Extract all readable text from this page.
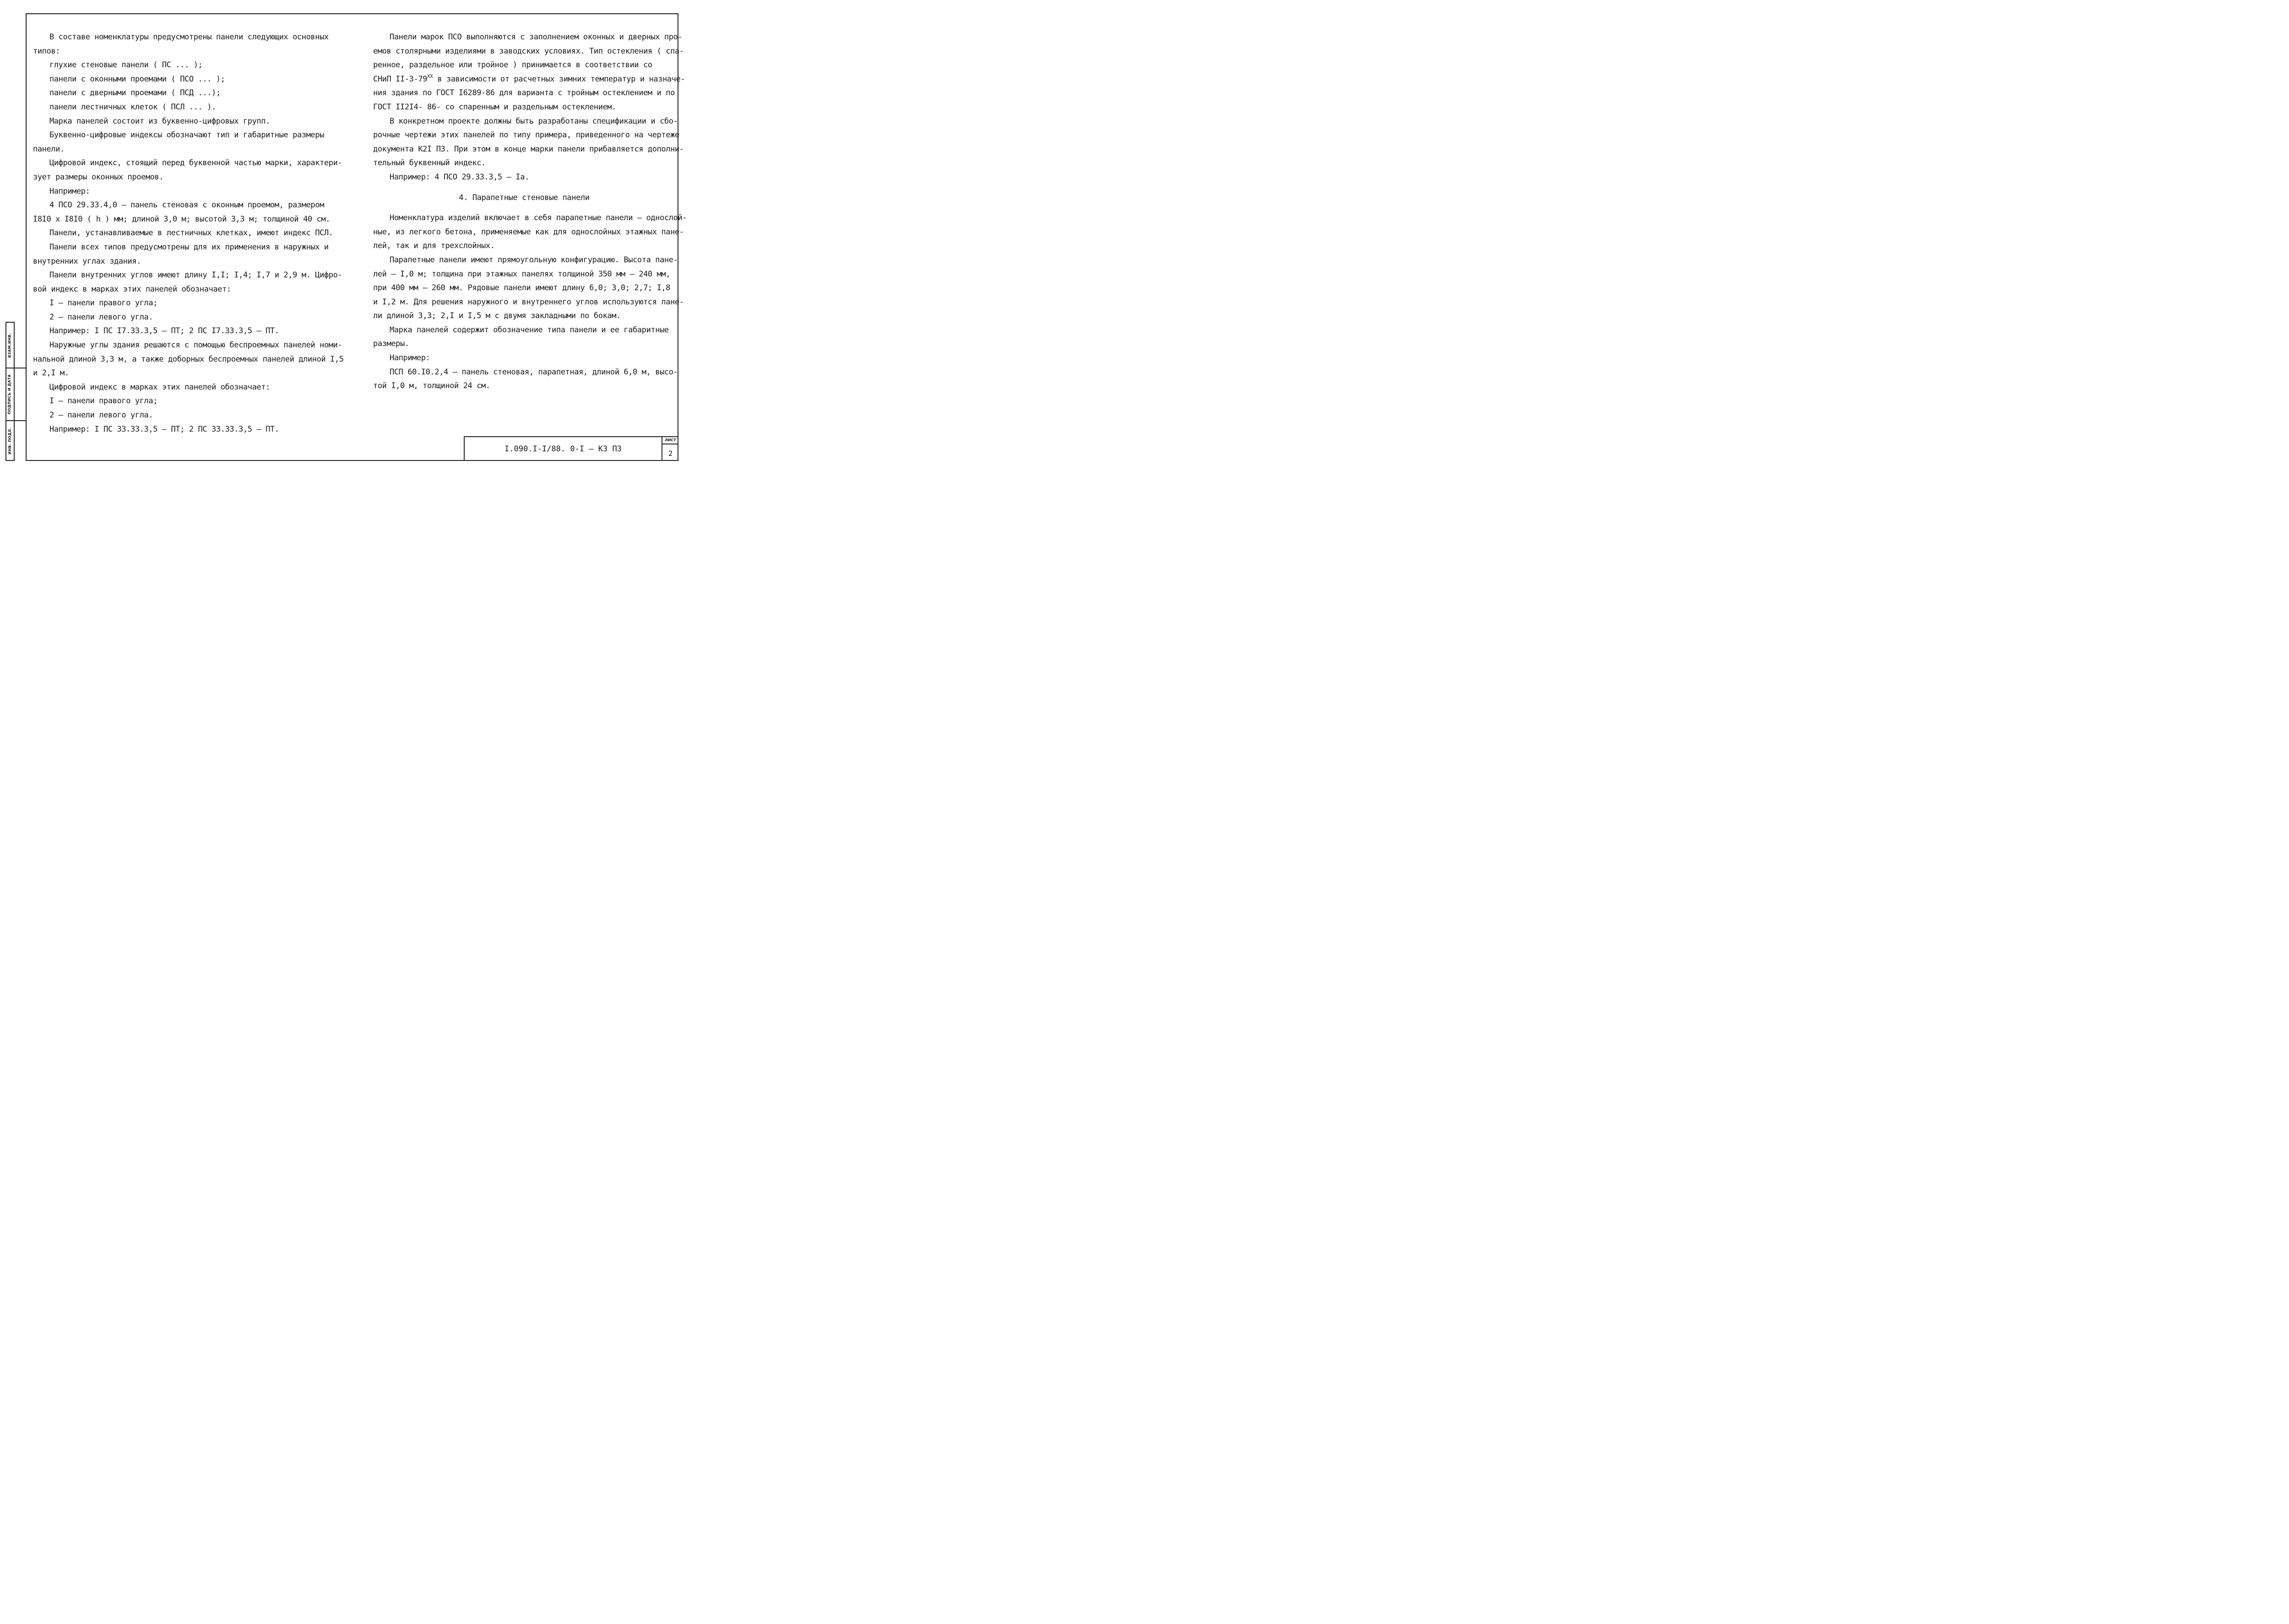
В составе номенклатуры предусмотрены панели следующих основных
типов:
глухие стеновые панели ( ПС ... );
панели с оконными проемами ( ПСО ... );
панели с дверными проемами ( ПСД ...);
панели лестничных клеток ( ПСЛ ... ).
Марка панелей состоит из буквенно-цифровых групп.
Буквенно-цифровые индексы обозначают тип и габаритные размеры
панели.
Цифровой индекс, стоящий перед буквенной частью марки, характери-
зует размеры оконных проемов.
Например:
4 ПСО 29.33.4,0 – панель стеновая с оконным проемом, размером
I8I0 x I8I0 ( h ) мм; длиной 3,0 м; высотой 3,3 м; толщиной 40 см.
Панели, устанавливаемые в лестничных клетках, имеют индекс ПСЛ.
Панели всех типов предусмотрены для их применения в наружных и
внутренних углах здания.
Панели внутренних углов имеют длину I,I; I,4; I,7 и 2,9 м. Цифро-
вой индекс в марках этих панелей обозначает:
I – панели правого угла;
2 – панели левого угла.
Например: I ПС I7.33.3,5 – ПТ; 2 ПС I7.33.3,5 – ПТ.
Наружные углы здания решаются с помощью беспроемных панелей номи-
нальной длиной 3,3 м, а также доборных беспроемных панелей длиной I,5
и 2,I м.
Цифровой индекс в марках этих панелей обозначает:
I – панели правого угла;
2 – панели левого угла.
Например: I ПС 33.33.3,5 – ПТ; 2 ПС 33.33.3,5 – ПТ.
Панели марок ПСО выполняются с заполнением оконных и дверных про-
емов столярными изделиями в заводских условиях. Тип остекления ( спа-
ренное, раздельное или тройное ) принимается в соответствии со
СНиП $II-3-79^{XX}$ в зависимости от расчетных зимних температур и назначе-
ния здания по ГОСТ I6289-86 для варианта с тройным остеклением и по
ГОСТ II2I4- 86- со спаренным и раздельным остеклением.
В конкретном проекте должны быть разработаны спецификации и сбо-
рочные чертежи этих панелей по типу примера, приведенного на чертеже
документа К2I ПЗ. При этом в конце марки панели прибавляется дополни-
тельный буквенный индекс.
Например: 4 ПСО 29.33.3,5 – Iа.
4. Парапетные стеновые панели
Номенклатура изделий включает в себя парапетные панели – однослой-
ные, из легкого бетона, применяемые как для однослойных этажных пане-
лей, так и для трехслойных.
Парапетные панели имеют прямоугольную конфигурацию. Высота пане-
лей – I,0 м; толщина при этажных панелях толщиной 350 мм – 240 мм,
при 400 мм – 260 мм. Рядовые панели имеют длину 6,0; 3,0; 2,7; I,8
и I,2 м. Для решения наружного и внутреннего углов используются пане-
ли длиной 3,3; 2,I и I,5 м с двумя закладными по бокам.
Марка панелей содержит обозначение типа панели и ее габаритные
размеры.
Например:
ПСП 60.I0.2,4 – панель стеновая, парапетная, длиной 6,0 м, высо-
той I,0 м, толщиной 24 см.
ВЗАМ.ИНВ.
ПОДПИСЬ И ДАТА
ИНВ. ПОДЛ.	I.090.I-I/88. 0-I – К3 ПЗ
ЛИСТ
2
